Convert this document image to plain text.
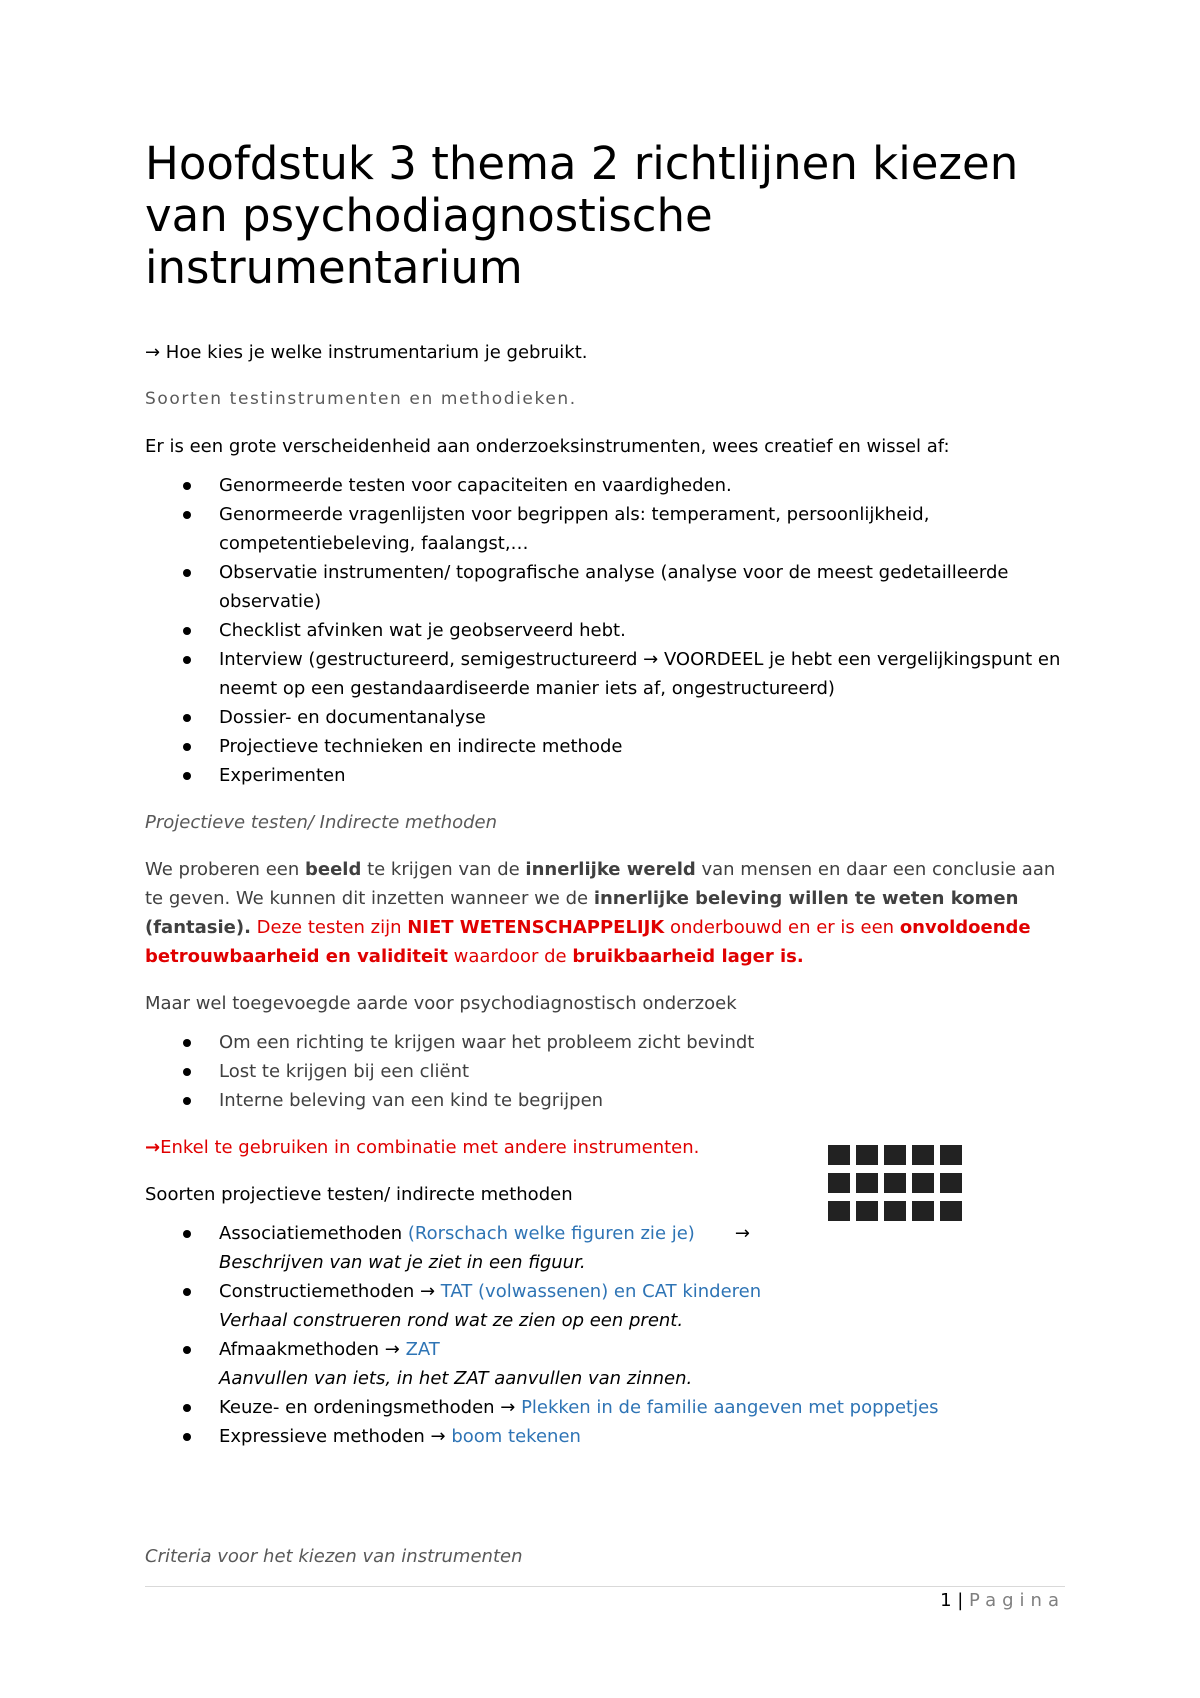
Hoofdstuk 3 thema 2 richtlijnen kiezen
van psychodiagnostische instrumentarium

→ Hoe kies je welke instrumentarium je gebruikt.

Soorten testinstrumenten en methodieken.

Er is een grote verscheidenheid aan onderzoeksinstrumenten, wees creatief en wissel af:

Genormeerde testen voor capaciteiten en vaardigheden.
Genormeerde vragenlijsten voor begrippen als: temperament, persoonlijkheid, competentiebeleving, faalangst,…
Observatie instrumenten/ topografische analyse (analyse voor de meest gedetailleerde observatie)
Checklist afvinken wat je geobserveerd hebt.
Interview (gestructureerd, semigestructureerd → VOORDEEL je hebt een vergelijkingspunt en neemt op een gestandaardiseerde manier iets af, ongestructureerd)
Dossier- en documentanalyse
Projectieve technieken en indirecte methode
Experimenten

Projectieve testen/ Indirecte methoden

We proberen een beeld te krijgen van de innerlijke wereld van mensen en daar een conclusie aan te geven. We kunnen dit inzetten wanneer we de innerlijke beleving willen te weten komen (fantasie). Deze testen zijn NIET WETENSCHAPPELIJK onderbouwd en er is een onvoldoende betrouwbaarheid en validiteit waardoor de bruikbaarheid lager is.

Maar wel toegevoegde aarde voor psychodiagnostisch onderzoek

Om een richting te krijgen waar het probleem zicht bevindt
Lost te krijgen bij een cliënt
Interne beleving van een kind te begrijpen

→Enkel te gebruiken in combinatie met andere instrumenten.

Soorten projectieve testen/ indirecte methoden

Associatiemethoden (Rorschach welke figuren zie je)       →
Beschrijven van wat je ziet in een figuur.
Constructiemethoden → TAT (volwassenen) en CAT kinderen
Verhaal construeren rond wat ze zien op een prent.
Afmaakmethoden → ZAT
Aanvullen van iets, in het ZAT aanvullen van zinnen.
Keuze- en ordeningsmethoden → Plekken in de familie aangeven met poppetjes
Expressieve methoden → boom tekenen
Criteria voor het kiezen van instrumenten
1 | Pagina
